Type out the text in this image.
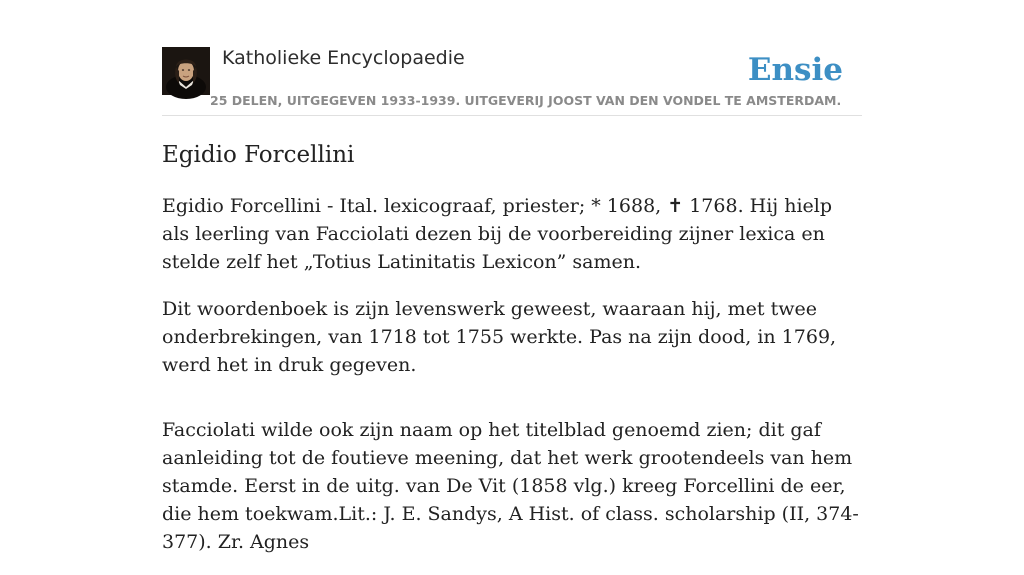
Katholieke Encyclopaedie
25 DELEN, UITGEGEVEN 1933-1939. UITGEVERIJ JOOST VAN DEN VONDEL TE AMSTERDAM.
Ensie
Egidio Forcellini

Egidio Forcellini - Ital. lexicograaf, priester; * 1688, ✝ 1768. Hij hielp als leerling van Facciolati dezen bij de voorbereiding zijner lexica en stelde zelf het „Totius Latinitatis Lexicon” samen.

Dit woordenboek is zijn levenswerk geweest, waaraan hij, met twee onderbrekingen, van 1718 tot 1755 werkte. Pas na zijn dood, in 1769, werd het in druk gegeven.

Facciolati wilde ook zijn naam op het titelblad genoemd zien; dit gaf aanleiding tot de foutieve meening, dat het werk grootendeels van hem stamde. Eerst in de uitg. van De Vit (1858 vlg.) kreeg Forcellini de eer, die hem toekwam.Lit.: J. E. Sandys, A Hist. of class. scholarship (II, 374-377). Zr. Agnes
